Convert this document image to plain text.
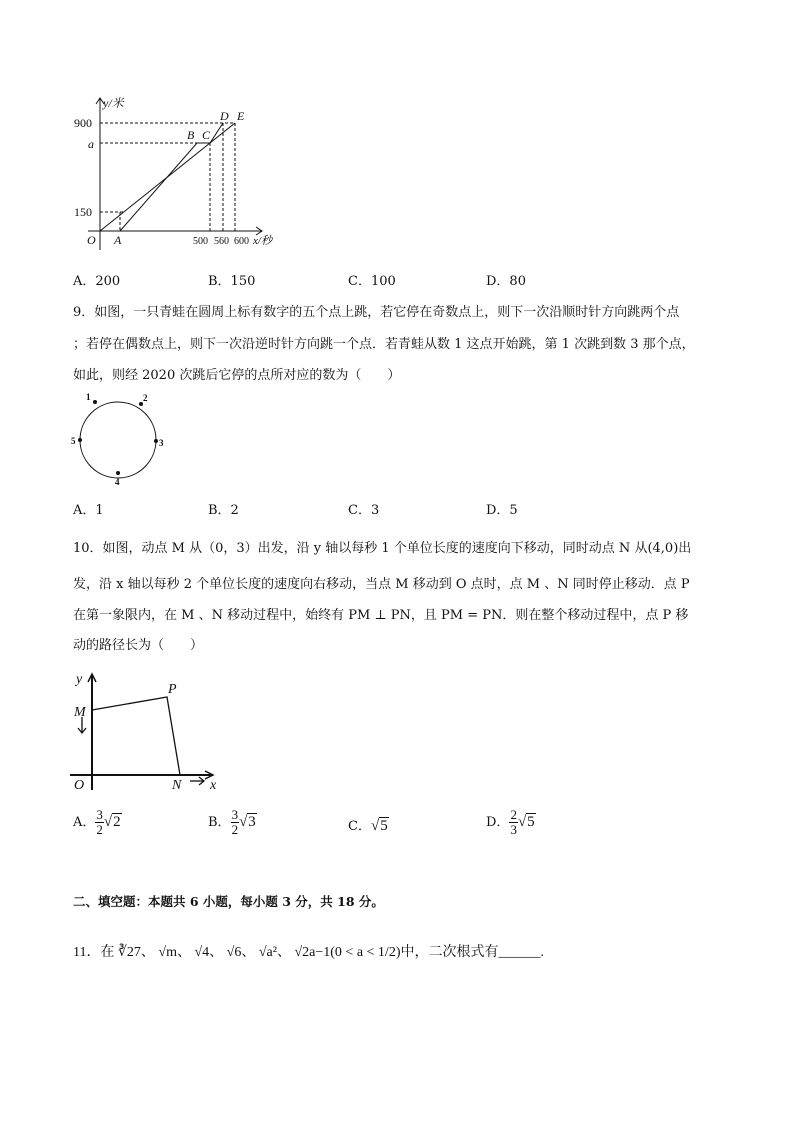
y/米
900
a
150
500 560 600 x/秒
O A
B C
D E
A．200	B．150	C．100	D．80
9．如图，一只青蛙在圆周上标有数字的五个点上跳，若它停在奇数点上，则下一次沿顺时针方向跳两个点
；若停在偶数点上，则下一次沿逆时针方向跳一个点．若青蛙从数 1 这点开始跳，第 1 次跳到数 3 那个点，
如此，则经 2020 次跳后它停的点所对应的数为（　　）
1	2
3
4
5
A．1	B．2	C．3	D．5
10．如图，动点 M 从（0，3）出发，沿 y 轴以每秒 1 个单位长度的速度向下移动，同时动点 N 从(4,0)出
发，沿 x 轴以每秒 2 个单位长度的速度向右移动，当点 M 移动到 O 点时，点 M 、N 同时停止移动．点 P
在第一象限内，在 M 、N 移动过程中，始终有 PM ⊥ PN，且 PM = PN．则在整个移动过程中，点 P 移
动的路径长为（　　）
y
M
P
O	N x
A． $\frac{3}{2} √2$	B． $\frac{3}{2} √3$	C．√5	D． $\frac{2}{3} √5$
二、填空题：本题共 6 小题，每小题 3 分，共 18 分。
11．在 ∛27、 √m、 √4、 √6、 √a²、 √2a−1(0 < a < 1/2)中，二次根式有______.
